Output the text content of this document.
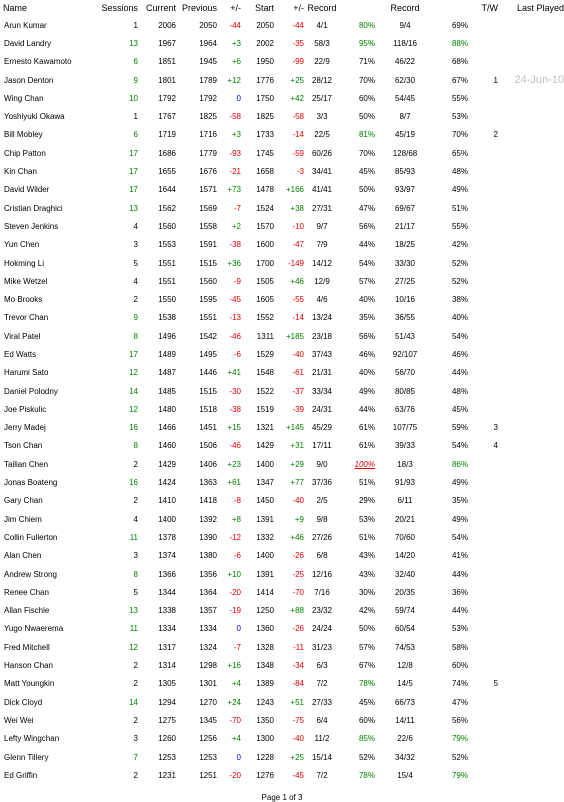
Name	Sessions	Current	Previous	+/-	Start	+/-	Record		Record		T/W	Last Played
Arun Kumar	1	2006	2050	-44	2050	-44	4/1	80%	9/4	69%		
David Landry	13	1967	1964	+3	2002	-35	58/3	95%	118/16	88%		
Ernesto Kawamoto	6	1851	1945	+6	1950	-99	22/9	71%	46/22	68%		
Jason Denton	9	1801	1789	+12	1776	+25	28/12	70%	62/30	67%	1	24-Jun-10
Wing Chan	10	1792	1792	0	1750	+42	25/17	60%	54/45	55%		
Yoshiyuki Okawa	1	1767	1825	-58	1825	-58	3/3	50%	8/7	53%		
Bill Mobley	6	1719	1716	+3	1733	-14	22/5	81%	45/19	70%	2	
Chip Patton	17	1686	1779	-93	1745	-59	60/26	70%	128/68	65%		
Kin Chan	17	1655	1676	-21	1658	-3	34/41	45%	85/93	48%		
David Wilder	17	1644	1571	+73	1478	+166	41/41	50%	93/97	49%		
Cristian Draghici	13	1562	1569	-7	1524	+38	27/31	47%	69/67	51%		
Steven Jenkins	4	1560	1558	+2	1570	-10	9/7	56%	21/17	55%		
Yun Chen	3	1553	1591	-38	1600	-47	7/9	44%	18/25	42%		
Hokming Li	5	1551	1515	+36	1700	-149	14/12	54%	33/30	52%		
Mike Wetzel	4	1551	1560	-9	1505	+46	12/9	57%	27/25	52%		
Mo Brooks	2	1550	1595	-45	1605	-55	4/6	40%	10/16	38%		
Trevor Chan	9	1538	1551	-13	1552	-14	13/24	35%	36/55	40%		
Viral Patel	8	1496	1542	-46	1311	+185	23/18	56%	51/43	54%		
Ed Watts	17	1489	1495	-6	1529	-40	37/43	46%	92/107	46%		
Harumi Sato	12	1487	1446	+41	1548	-61	21/31	40%	56/70	44%		
Daniel Polodny	14	1485	1515	-30	1522	-37	33/34	49%	80/85	48%		
Joe Piskulic	12	1480	1518	-38	1519	-39	24/31	44%	63/76	45%		
Jerry Madej	16	1466	1451	+15	1321	+145	45/29	61%	107/75	59%	3	
Tson Chan	8	1460	1506	-46	1429	+31	17/11	61%	39/33	54%	4	
Tailian Chen	2	1429	1406	+23	1400	+29	9/0	100%	18/3	86%		
Jonas Boateng	16	1424	1363	+61	1347	+77	37/36	51%	91/93	49%		
Gary Chan	2	1410	1418	-8	1450	-40	2/5	29%	6/11	35%		
Jim Chiem	4	1400	1392	+8	1391	+9	9/8	53%	20/21	49%		
Collin Fullerton	11	1378	1390	-12	1332	+46	27/26	51%	70/60	54%		
Alan Chen	3	1374	1380	-6	1400	-26	6/8	43%	14/20	41%		
Andrew Strong	8	1366	1356	+10	1391	-25	12/16	43%	32/40	44%		
Renee Chan	5	1344	1364	-20	1414	-70	7/16	30%	20/35	36%		
Allan Fischle	13	1338	1357	-19	1250	+88	23/32	42%	59/74	44%		
Yugo Nwaerema	11	1334	1334	0	1360	-26	24/24	50%	60/54	53%		
Fred Mitchell	12	1317	1324	-7	1328	-11	31/23	57%	74/53	58%		
Hanson Chan	2	1314	1298	+16	1348	-34	6/3	67%	12/8	60%		
Matt Youngkin	2	1305	1301	+4	1389	-84	7/2	78%	14/5	74%	5	
Dick Cloyd	14	1294	1270	+24	1243	+51	27/33	45%	66/73	47%		
Wei Wei	2	1275	1345	-70	1350	-75	6/4	60%	14/11	56%		
Lefty Wingchan	3	1260	1256	+4	1300	-40	11/2	85%	22/6	79%		
Glenn Tillery	7	1253	1253	0	1228	+25	15/14	52%	34/32	52%		
Ed Griffin	2	1231	1251	-20	1276	-45	7/2	78%	15/4	79%		
Page 1 of 3
